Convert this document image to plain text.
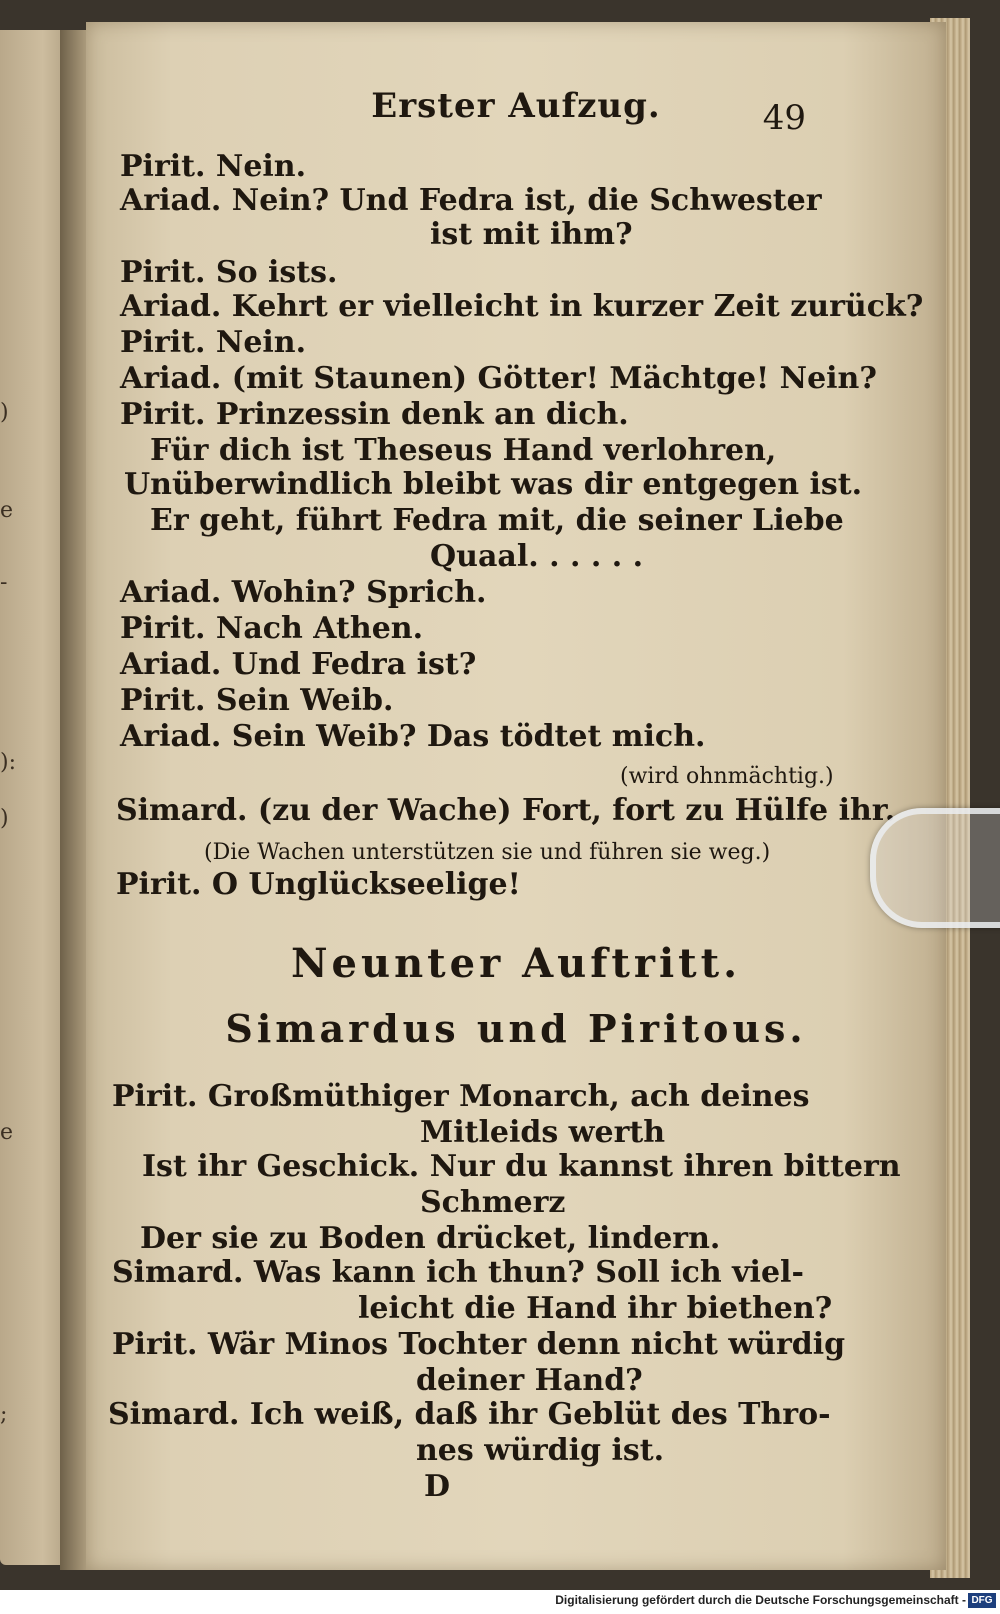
)
e
-
):
)
e
;
Erster Aufzug.	49
Pirit. Nein.
Ariad. Nein? Und Fedra ist, die Schwester
ist mit ihm?
Pirit. So ists.
Ariad. Kehrt er vielleicht in kurzer Zeit zurück?
Pirit. Nein.
Ariad. (mit Staunen) Götter! Mächtge! Nein?
Pirit. Prinzessin denk an dich.
Für dich ist Theseus Hand verlohren,
Unüberwindlich bleibt was dir entgegen ist.
Er geht, führt Fedra mit, die seiner Liebe
Quaal. . . . . .
Ariad. Wohin? Sprich.
Pirit. Nach Athen.
Ariad. Und Fedra ist?
Pirit. Sein Weib.
Ariad. Sein Weib? Das tödtet mich.
(wird ohnmächtig.)
Simard. (zu der Wache) Fort, fort zu Hülfe ihr.
(Die Wachen unterstützen sie und führen sie weg.)
Pirit. O Unglückseelige!
Neunter Auftritt.
Simardus und Piritous.
Pirit. Großmüthiger Monarch, ach deines
Mitleids werth
Ist ihr Geschick. Nur du kannst ihren bittern
Schmerz
Der sie zu Boden drücket, lindern.
Simard. Was kann ich thun? Soll ich viel-
leicht die Hand ihr biethen?
Pirit. Wär Minos Tochter denn nicht würdig
deiner Hand?
Simard. Ich weiß, daß ihr Geblüt des Thro-
nes würdig ist.
D
Digitalisierung gefördert durch die Deutsche Forschungsgemeinschaft - DFG
